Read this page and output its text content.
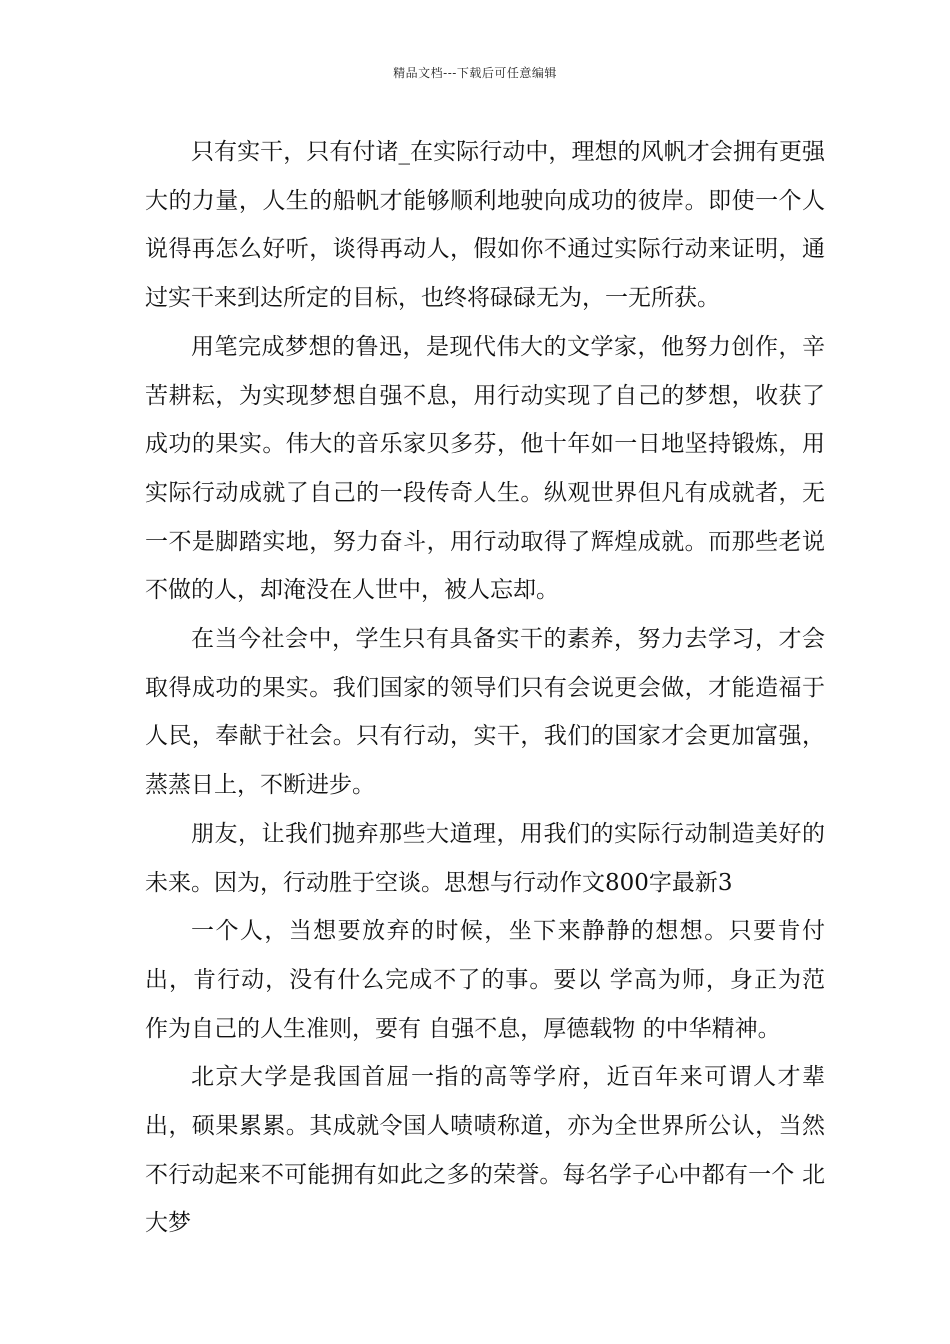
精品文档---下载后可任意编辑

只有实干，只有付诸_在实际行动中，理想的风帆才会拥有更强大的力量，人生的船帆才能够顺利地驶向成功的彼岸。即使一个人说得再怎么好听，谈得再动人，假如你不通过实际行动来证明，通过实干来到达所定的目标，也终将碌碌无为，一无所获。

用笔完成梦想的鲁迅，是现代伟大的文学家，他努力创作，辛苦耕耘，为实现梦想自强不息，用行动实现了自己的梦想，收获了成功的果实。伟大的音乐家贝多芬，他十年如一日地坚持锻炼，用实际行动成就了自己的一段传奇人生。纵观世界但凡有成就者，无一不是脚踏实地，努力奋斗，用行动取得了辉煌成就。而那些老说不做的人，却淹没在人世中，被人忘却。

在当今社会中，学生只有具备实干的素养，努力去学习，才会取得成功的果实。我们国家的领导们只有会说更会做，才能造福于人民，奉献于社会。只有行动，实干，我们的国家才会更加富强，蒸蒸日上，不断进步。

朋友，让我们抛弃那些大道理，用我们的实际行动制造美好的未来。因为，行动胜于空谈。思想与行动作文800字最新3

一个人，当想要放弃的时候，坐下来静静的想想。只要肯付出，肯行动，没有什么完成不了的事。要以 学高为师，身正为范 作为自己的人生准则，要有 自强不息，厚德载物 的中华精神。

北京大学是我国首屈一指的高等学府，近百年来可谓人才辈出，硕果累累。其成就令国人啧啧称道，亦为全世界所公认，当然不行动起来不可能拥有如此之多的荣誉。每名学子心中都有一个 北大梦
